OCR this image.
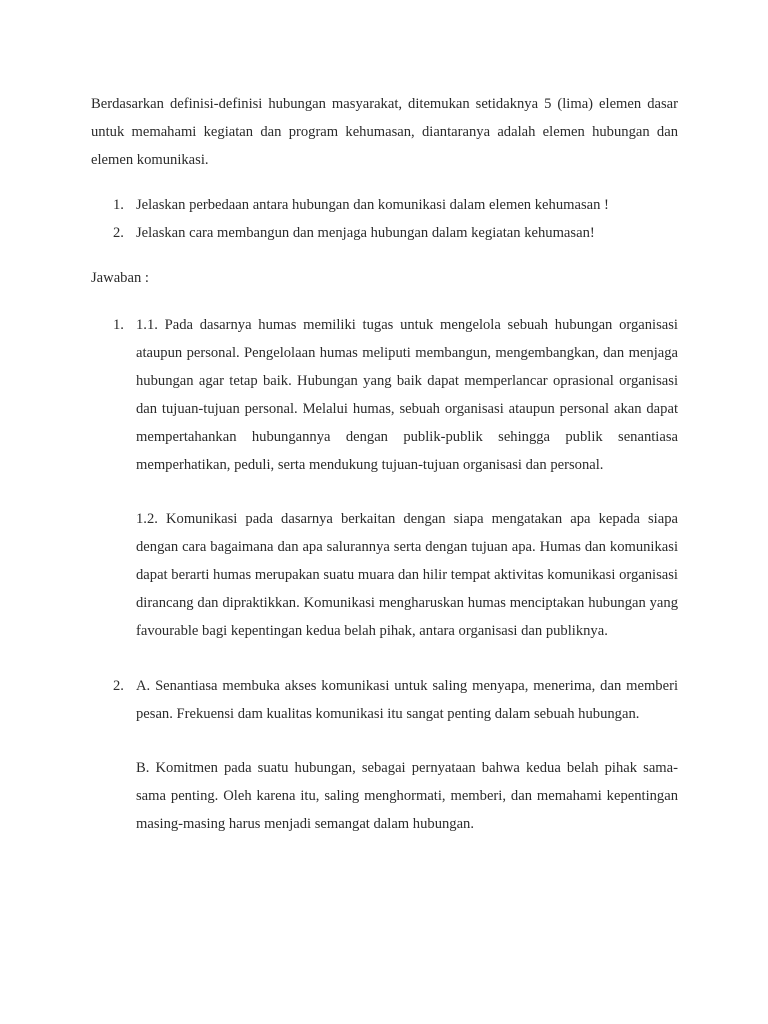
Berdasarkan definisi-definisi hubungan masyarakat, ditemukan setidaknya 5 (lima) elemen dasar untuk memahami kegiatan dan program kehumasan, diantaranya adalah elemen hubungan dan elemen komunikasi.

1. Jelaskan perbedaan antara hubungan dan komunikasi dalam elemen kehumasan !
2. Jelaskan cara membangun dan menjaga hubungan dalam kegiatan kehumasan!

Jawaban :

1. 1.1. Pada dasarnya humas memiliki tugas untuk mengelola sebuah hubungan organisasi ataupun personal. Pengelolaan humas meliputi membangun, mengembangkan, dan menjaga hubungan agar tetap baik. Hubungan yang baik dapat memperlancar oprasional organisasi dan tujuan-tujuan personal. Melalui humas, sebuah organisasi ataupun personal akan dapat mempertahankan hubungannya dengan publik-publik sehingga publik senantiasa memperhatikan, peduli, serta mendukung tujuan-tujuan organisasi dan personal.

1.2. Komunikasi pada dasarnya berkaitan dengan siapa mengatakan apa kepada siapa dengan cara bagaimana dan apa salurannya serta dengan tujuan apa. Humas dan komunikasi dapat berarti humas merupakan suatu muara dan hilir tempat aktivitas komunikasi organisasi dirancang dan dipraktikkan. Komunikasi mengharuskan humas menciptakan hubungan yang favourable bagi kepentingan kedua belah pihak, antara organisasi dan publiknya.

2. A. Senantiasa membuka akses komunikasi untuk saling menyapa, menerima, dan memberi pesan. Frekuensi dam kualitas komunikasi itu sangat penting dalam sebuah hubungan.

B. Komitmen pada suatu hubungan, sebagai pernyataan bahwa kedua belah pihak sama-sama penting. Oleh karena itu, saling menghormati, memberi, dan memahami kepentingan masing-masing harus menjadi semangat dalam hubungan.
